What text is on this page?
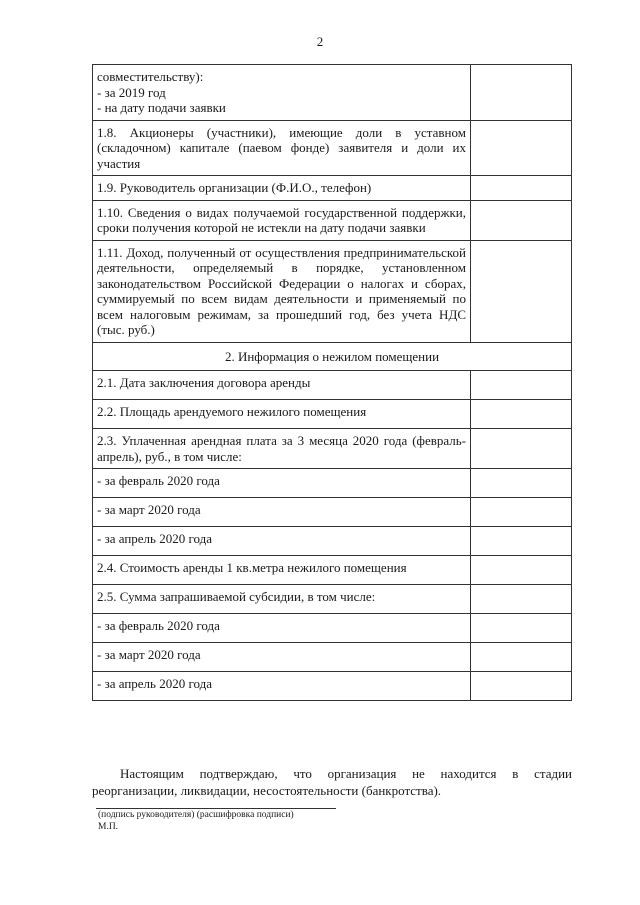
2
совместительству):
- за 2019 год
- на дату подачи заявки	

1.8. Акционеры (участники), имеющие доли в уставном (складочном) капитале (паевом фонде) заявителя и доли их участия	
1.9. Руководитель организации (Ф.И.О., телефон)	
1.10. Сведения о видах получаемой государственной поддержки, сроки получения которой не истекли на дату подачи заявки	
1.11. Доход, полученный от осуществления предпринимательской деятельности, определяемый в порядке, установленном законодательством Российской Федерации о налогах и сборах, суммируемый по всем видам деятельности и применяемый по всем налоговым режимам, за прошедший год, без учета НДС (тыс. руб.)	
2. Информация о нежилом помещении	
2.1. Дата заключения договора аренды	
2.2. Площадь арендуемого нежилого помещения	
2.3. Уплаченная арендная плата за 3 месяца 2020 года (февраль-апрель), руб., в том числе:	
- за февраль 2020 года	
- за март 2020 года	
- за апрель 2020 года	
2.4. Стоимость аренды 1 кв.метра нежилого помещения	
2.5. Сумма запрашиваемой субсидии, в том числе:	
- за февраль 2020 года	
- за март 2020 года	
- за апрель 2020 года	
Настоящим подтверждаю, что организация не находится в стадии реорганизации, ликвидации, несостоятельности (банкротства).
(подпись руководителя) (расшифровка подписи)
М.П.
